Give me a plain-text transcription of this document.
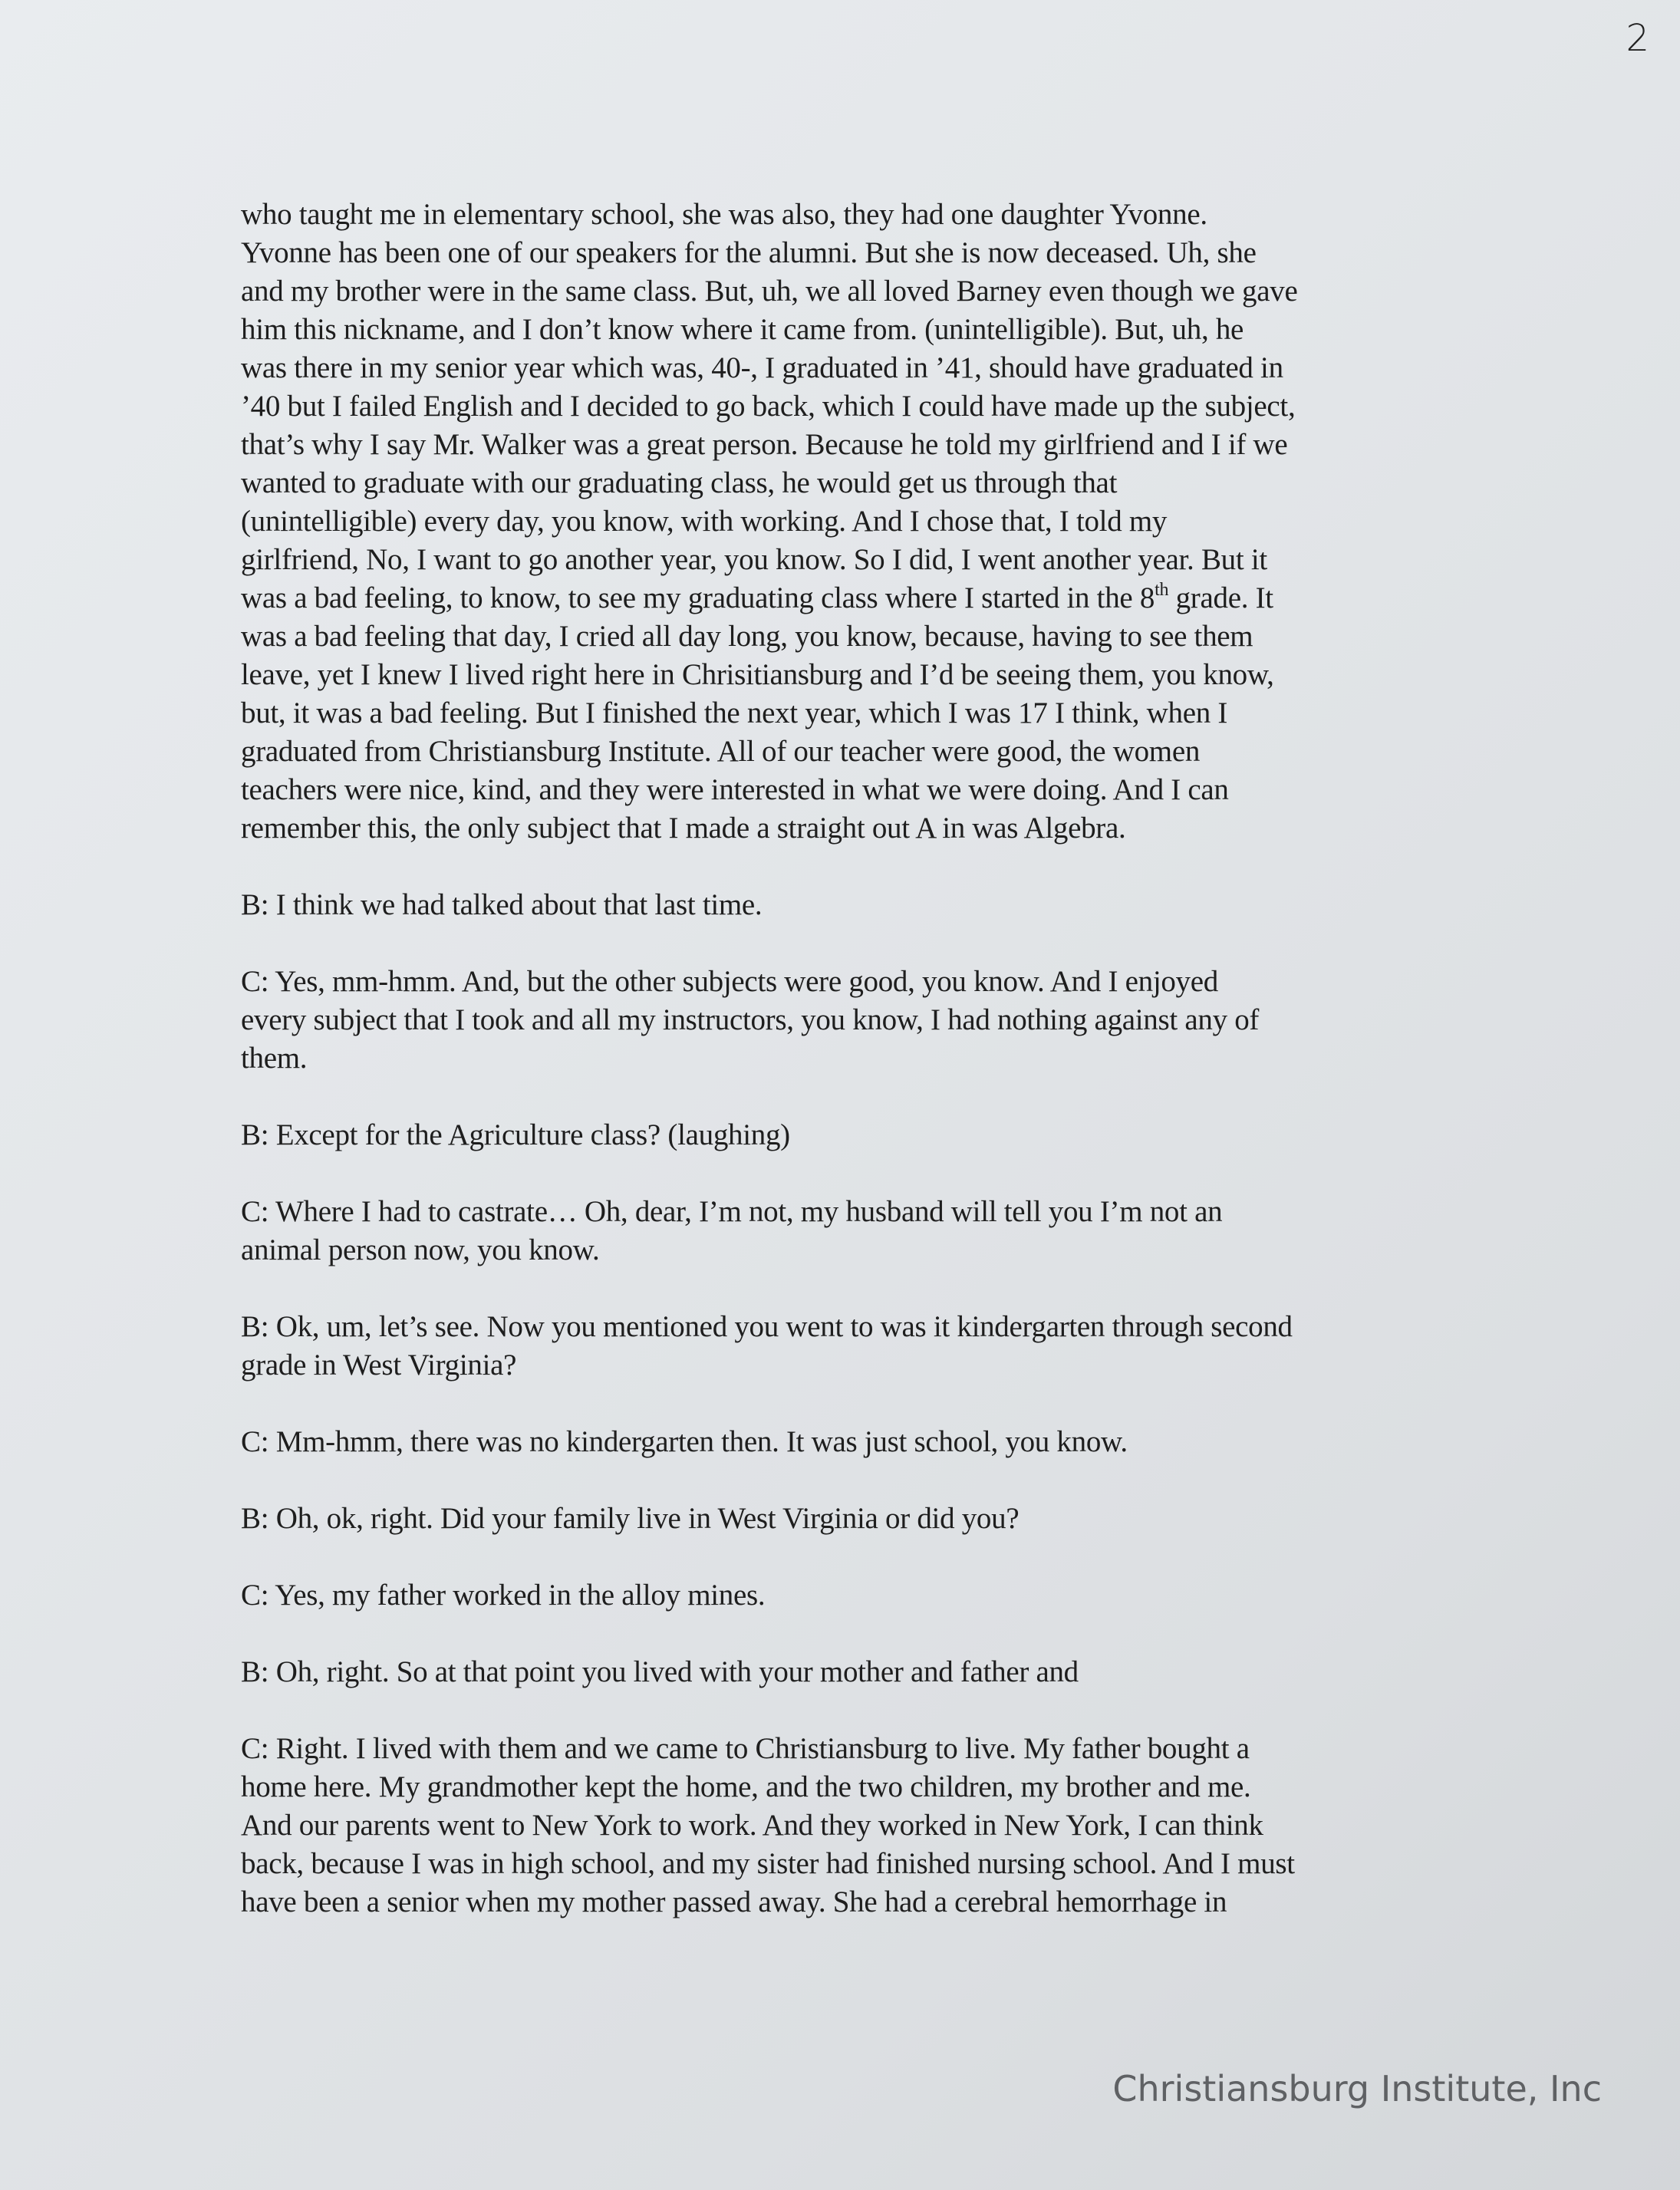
2

who taught me in elementary school, she was also, they had one daughter Yvonne.
Yvonne has been one of our speakers for the alumni. But she is now deceased. Uh, she
and my brother were in the same class. But, uh, we all loved Barney even though we gave
him this nickname, and I don’t know where it came from. (unintelligible). But, uh, he
was there in my senior year which was, 40-, I graduated in ’41, should have graduated in
’40 but I failed English and I decided to go back, which I could have made up the subject,
that’s why I say Mr. Walker was a great person. Because he told my girlfriend and I if we
wanted to graduate with our graduating class, he would get us through that
(unintelligible) every day, you know, with working. And I chose that, I told my
girlfriend, No, I want to go another year, you know. So I did, I went another year. But it
was a bad feeling, to know, to see my graduating class where I started in the 8th grade. It
was a bad feeling that day, I cried all day long, you know, because, having to see them
leave, yet I knew I lived right here in Chrisitiansburg and I’d be seeing them, you know,
but, it was a bad feeling. But I finished the next year, which I was 17 I think, when I
graduated from Christiansburg Institute. All of our teacher were good, the women
teachers were nice, kind, and they were interested in what we were doing. And I can
remember this, the only subject that I made a straight out A in was Algebra.

B: I think we had talked about that last time.

C: Yes, mm-hmm. And, but the other subjects were good, you know. And I enjoyed
every subject that I took and all my instructors, you know, I had nothing against any of
them.

B: Except for the Agriculture class? (laughing)

C: Where I had to castrate… Oh, dear, I’m not, my husband will tell you I’m not an
animal person now, you know.

B: Ok, um, let’s see. Now you mentioned you went to was it kindergarten through second
grade in West Virginia?

C: Mm-hmm, there was no kindergarten then. It was just school, you know.

B: Oh, ok, right. Did your family live in West Virginia or did you?

C: Yes, my father worked in the alloy mines.

B: Oh, right. So at that point you lived with your mother and father and

C: Right. I lived with them and we came to Christiansburg to live. My father bought a
home here. My grandmother kept the home, and the two children, my brother and me.
And our parents went to New York to work. And they worked in New York, I can think
back, because I was in high school, and my sister had finished nursing school. And I must
have been a senior when my mother passed away. She had a cerebral hemorrhage in

Christiansburg Institute, Inc
